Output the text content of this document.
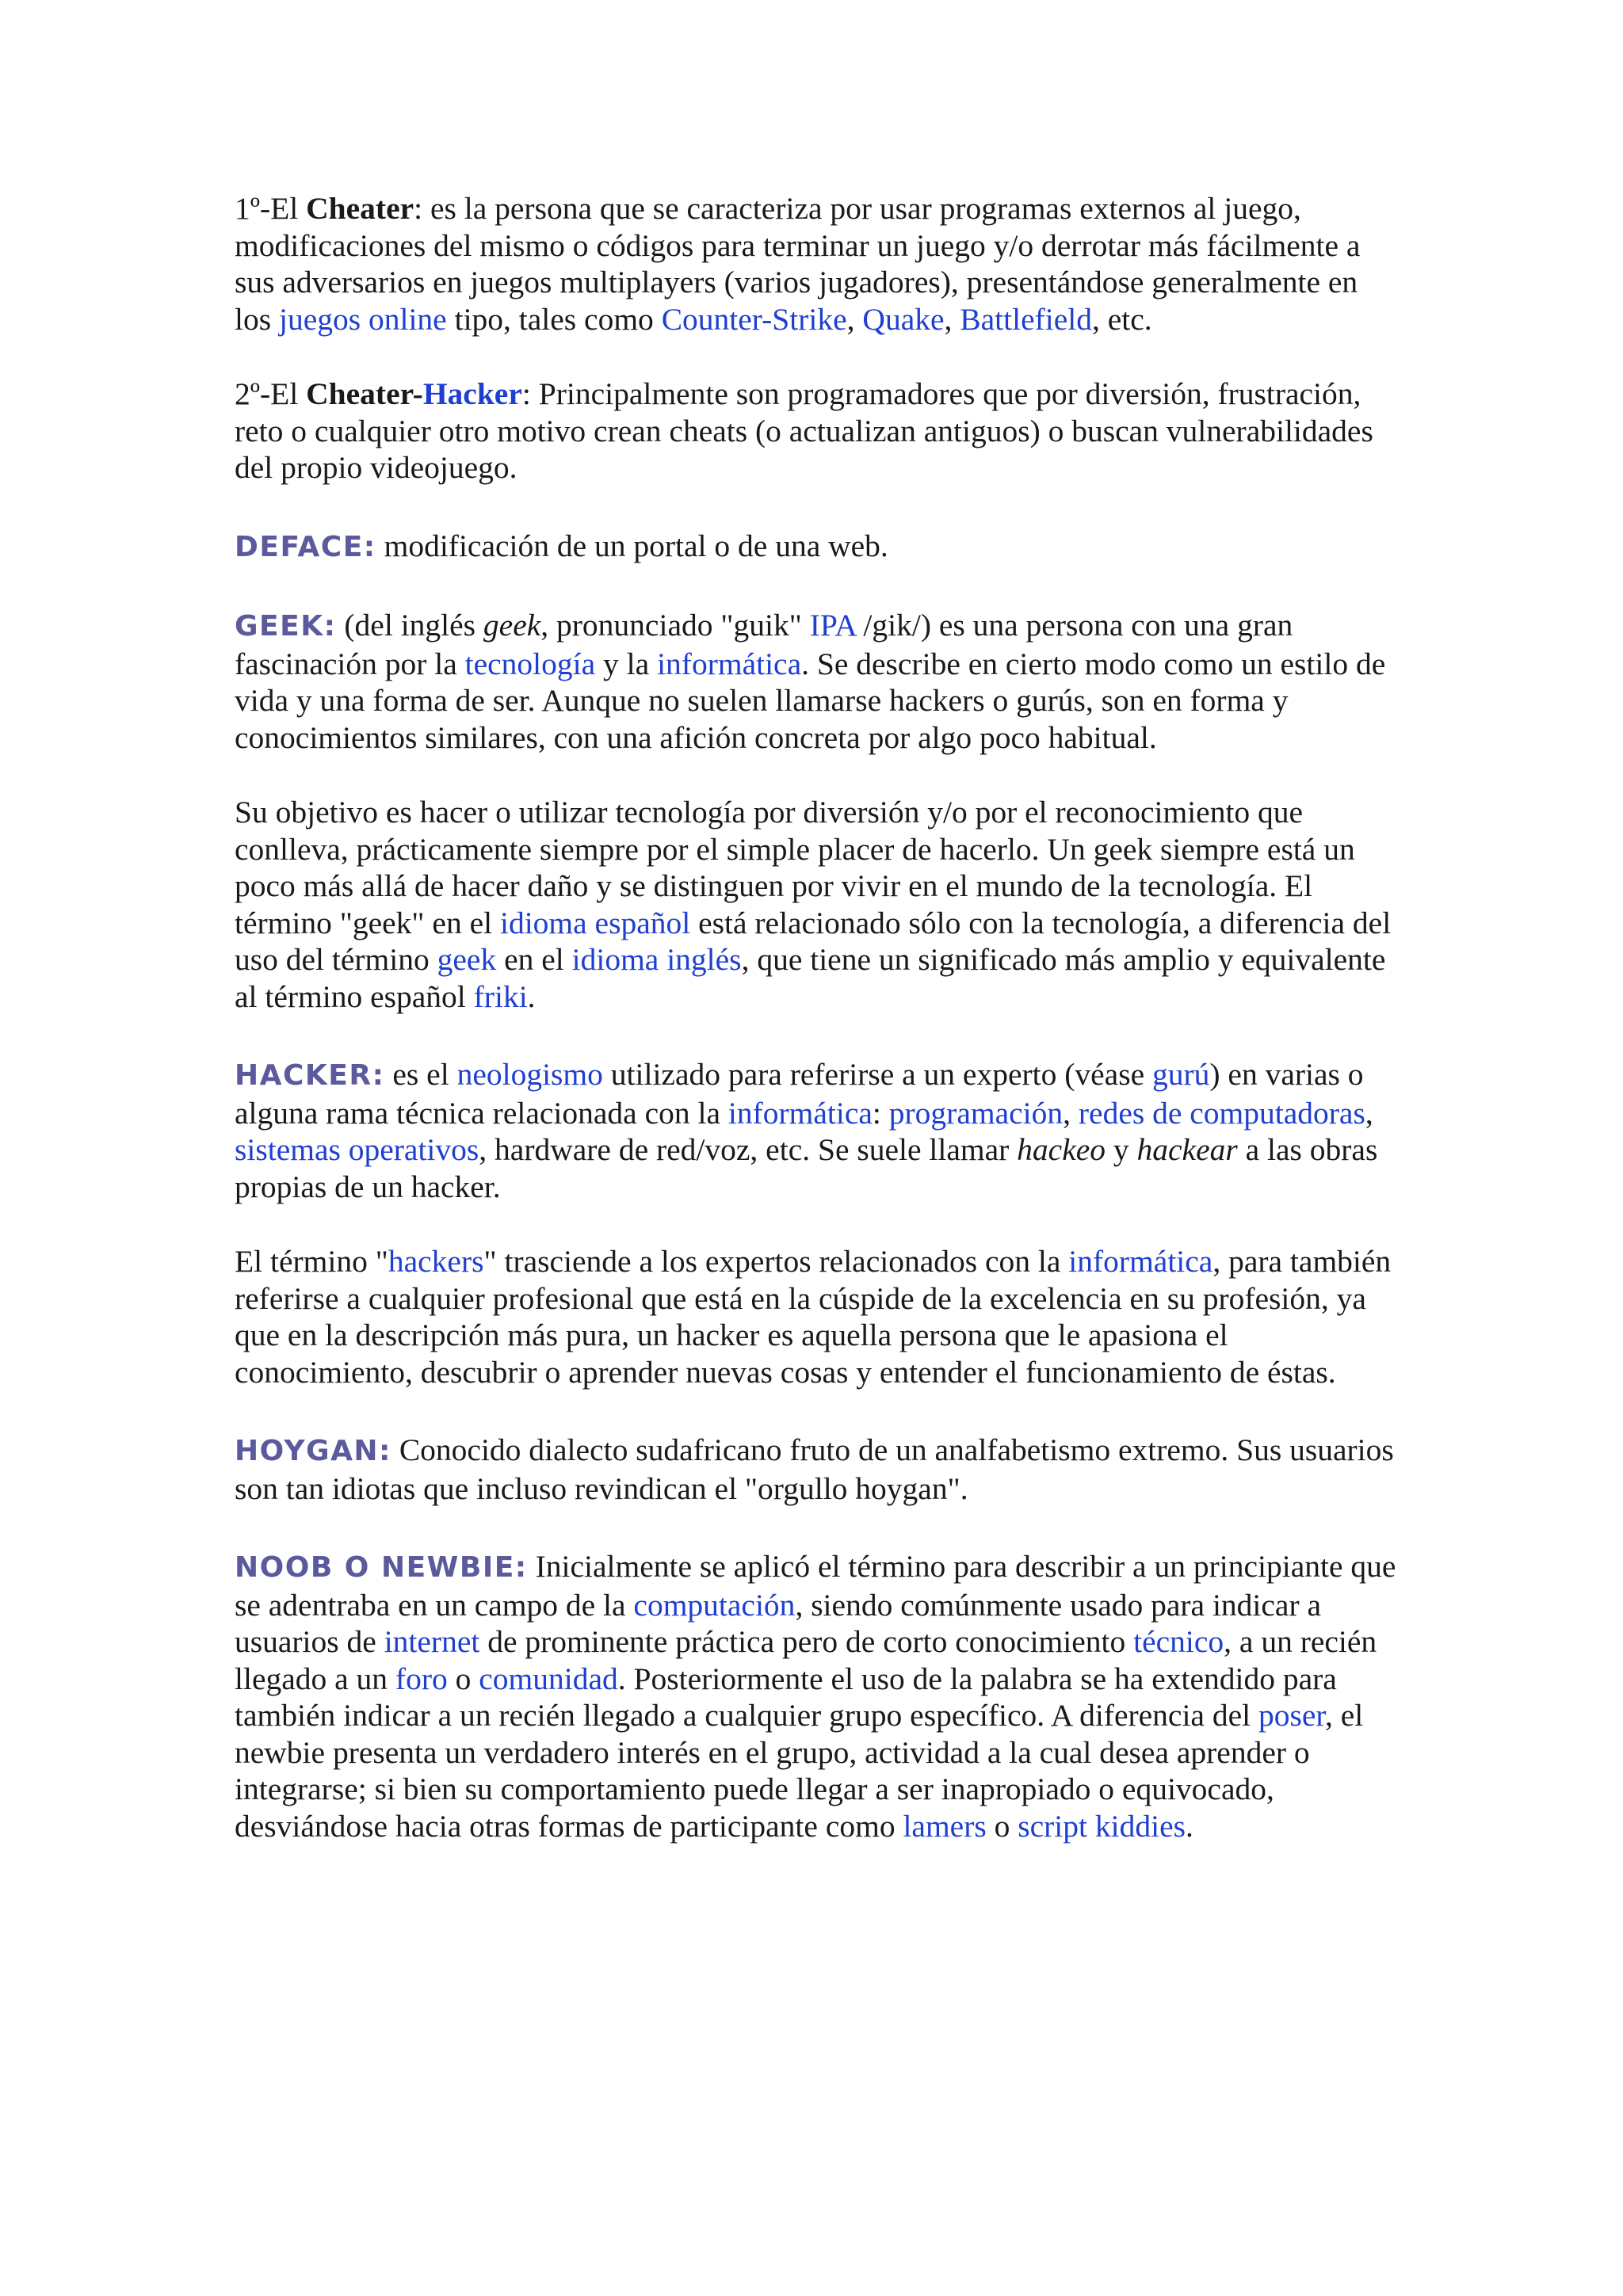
1º-El Cheater: es la persona que se caracteriza por usar programas externos al juego, modificaciones del mismo o códigos para terminar un juego y/o derrotar más fácilmente a sus adversarios en juegos multiplayers (varios jugadores), presentándose generalmente en los juegos online tipo, tales como Counter-Strike, Quake, Battlefield, etc.

2º-El Cheater-Hacker: Principalmente son programadores que por diversión, frustración, reto o cualquier otro motivo crean cheats (o actualizan antiguos) o buscan vulnerabilidades del propio videojuego.

DEFACE: modificación de un portal o de una web.

GEEK: (del inglés geek, pronunciado "guik" IPA /gik/) es una persona con una gran fascinación por la tecnología y la informática. Se describe en cierto modo como un estilo de vida y una forma de ser. Aunque no suelen llamarse hackers o gurús, son en forma y conocimientos similares, con una afición concreta por algo poco habitual.

Su objetivo es hacer o utilizar tecnología por diversión y/o por el reconocimiento que conlleva, prácticamente siempre por el simple placer de hacerlo. Un geek siempre está un poco más allá de hacer daño y se distinguen por vivir en el mundo de la tecnología. El término "geek" en el idioma español está relacionado sólo con la tecnología, a diferencia del uso del término geek en el idioma inglés, que tiene un significado más amplio y equivalente al término español friki.

HACKER: es el neologismo utilizado para referirse a un experto (véase gurú) en varias o alguna rama técnica relacionada con la informática: programación, redes de computadoras, sistemas operativos, hardware de red/voz, etc. Se suele llamar hackeo y hackear a las obras propias de un hacker.

El término "hackers" trasciende a los expertos relacionados con la informática, para también referirse a cualquier profesional que está en la cúspide de la excelencia en su profesión, ya que en la descripción más pura, un hacker es aquella persona que le apasiona el conocimiento, descubrir o aprender nuevas cosas y entender el funcionamiento de éstas.

HOYGAN: Conocido dialecto sudafricano fruto de un analfabetismo extremo. Sus usuarios son tan idiotas que incluso revindican el "orgullo hoygan".

NOOB O NEWBIE: Inicialmente se aplicó el término para describir a un principiante que se adentraba en un campo de la computación, siendo comúnmente usado para indicar a usuarios de internet de prominente práctica pero de corto conocimiento técnico, a un recién llegado a un foro o comunidad. Posteriormente el uso de la palabra se ha extendido para también indicar a un recién llegado a cualquier grupo específico. A diferencia del poser, el newbie presenta un verdadero interés en el grupo, actividad a la cual desea aprender o integrarse; si bien su comportamiento puede llegar a ser inapropiado o equivocado, desviándose hacia otras formas de participante como lamers o script kiddies.
